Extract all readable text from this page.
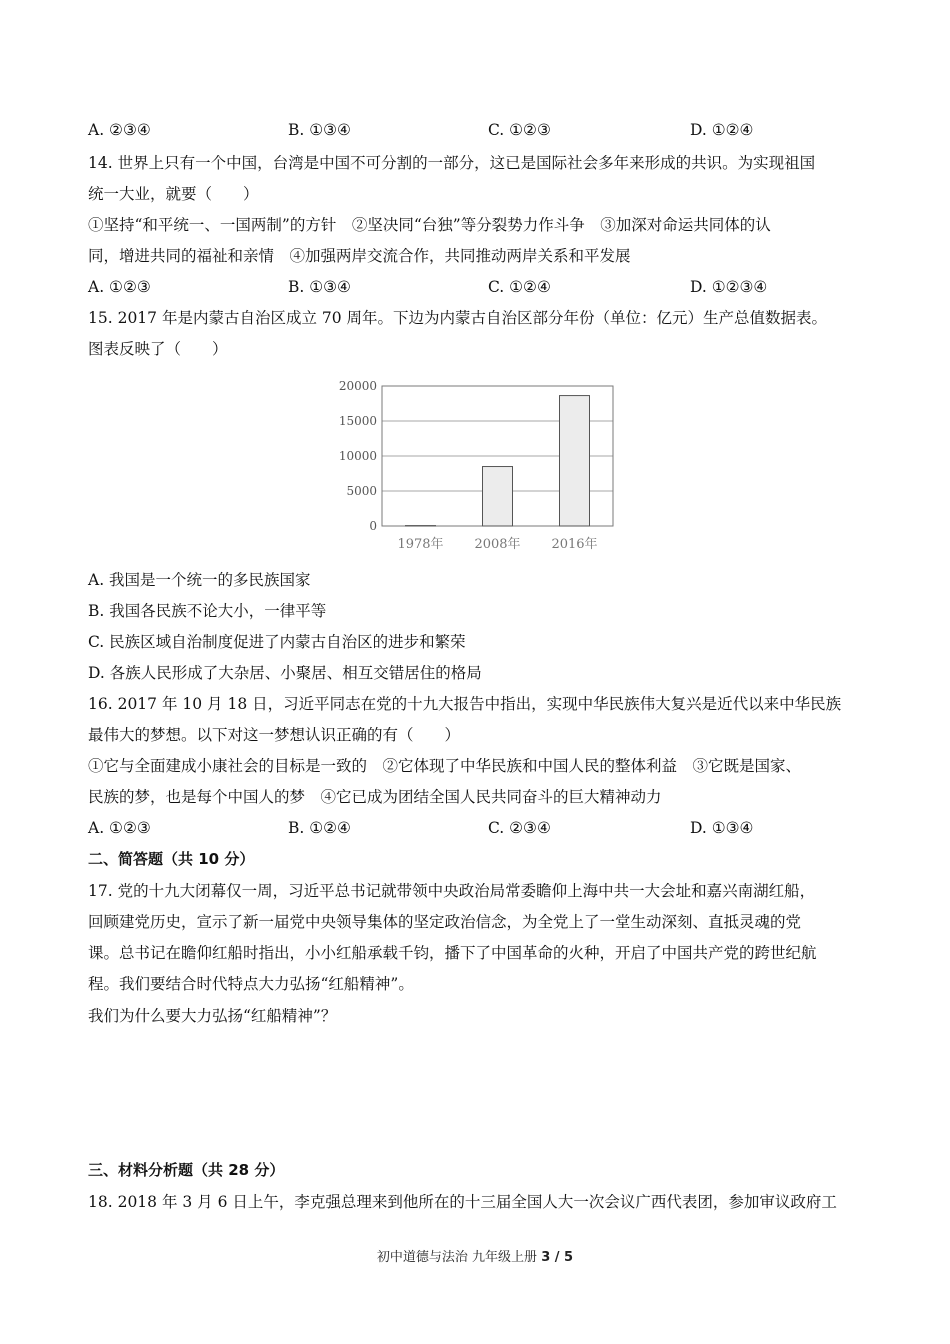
A. ②③④	B. ①③④	C. ①②③	D. ①②④
14. 世界上只有一个中国，台湾是中国不可分割的一部分，这已是国际社会多年来形成的共识。为实现祖国
统一大业，就要（　　）
①坚持“和平统一、一国两制”的方针　②坚决同“台独”等分裂势力作斗争　③加深对命运共同体的认
同，增进共同的福祉和亲情　④加强两岸交流合作，共同推动两岸关系和平发展
A. ①②③	B. ①③④	C. ①②④	D. ①②③④
15. 2017 年是内蒙古自治区成立 70 周年。下边为内蒙古自治区部分年份（单位：亿元）生产总值数据表。
图表反映了（　　）
0
5000
10000
15000
20000
1978年 2008年 2016年
A. 我国是一个统一的多民族国家
B. 我国各民族不论大小，一律平等
C. 民族区域自治制度促进了内蒙古自治区的进步和繁荣
D. 各族人民形成了大杂居、小聚居、相互交错居住的格局
16. 2017 年 10 月 18 日，习近平同志在党的十九大报告中指出，实现中华民族伟大复兴是近代以来中华民族
最伟大的梦想。以下对这一梦想认识正确的有（　　）
①它与全面建成小康社会的目标是一致的　②它体现了中华民族和中国人民的整体利益　③它既是国家、
民族的梦，也是每个中国人的梦　④它已成为团结全国人民共同奋斗的巨大精神动力
A. ①②③	B. ①②④	C. ②③④	D. ①③④
二、简答题（共 10 分）
17. 党的十九大闭幕仅一周，习近平总书记就带领中央政治局常委瞻仰上海中共一大会址和嘉兴南湖红船，
回顾建党历史，宣示了新一届党中央领导集体的坚定政治信念，为全党上了一堂生动深刻、直抵灵魂的党
课。总书记在瞻仰红船时指出，小小红船承载千钧，播下了中国革命的火种，开启了中国共产党的跨世纪航
程。我们要结合时代特点大力弘扬“红船精神”。
我们为什么要大力弘扬“红船精神”？
三、材料分析题（共 28 分）
18. 2018 年 3 月 6 日上午，李克强总理来到他所在的十三届全国人大一次会议广西代表团，参加审议政府工
初中道德与法治 九年级上册 3 / 5
